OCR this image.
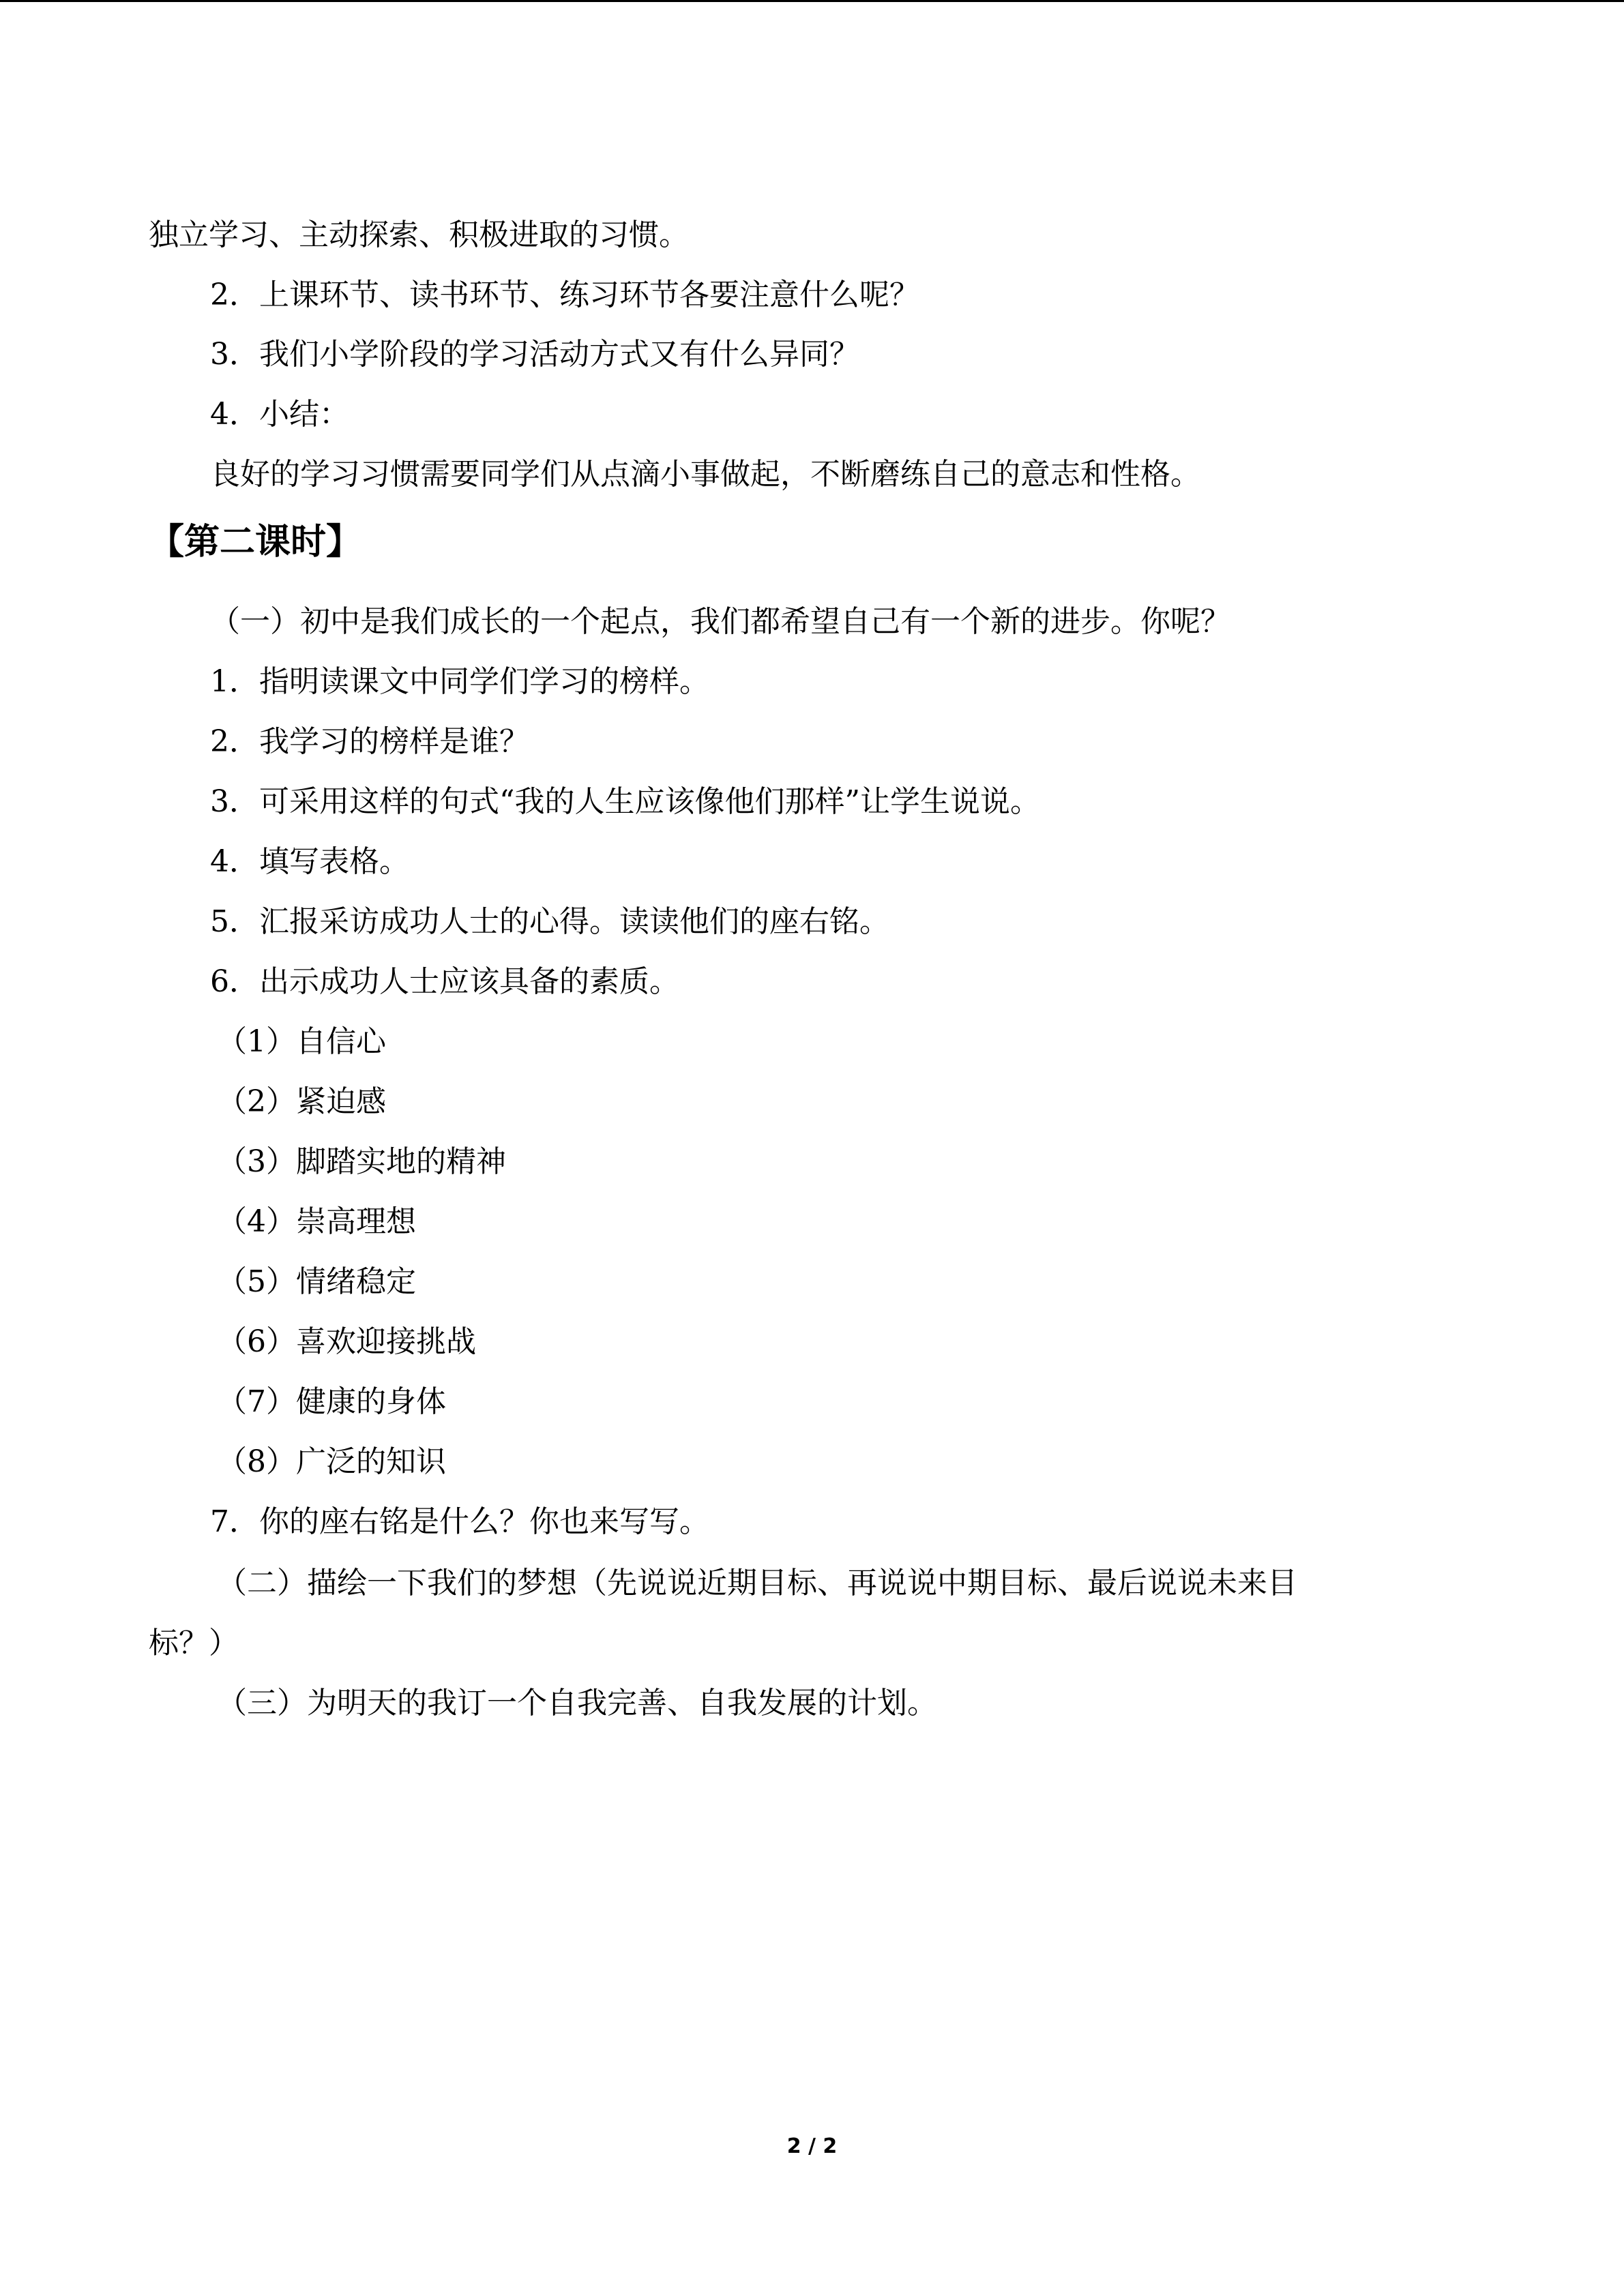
独立学习、主动探索、积极进取的习惯。
2．上课环节、读书环节、练习环节各要注意什么呢？
3．我们小学阶段的学习活动方式又有什么异同？
4．小结：
良好的学习习惯需要同学们从点滴小事做起，不断磨练自己的意志和性格。
【第二课时】
（一）初中是我们成长的一个起点，我们都希望自己有一个新的进步。你呢？
1．指明读课文中同学们学习的榜样。
2．我学习的榜样是谁？
3．可采用这样的句式“我的人生应该像他们那样”让学生说说。
4．填写表格。
5．汇报采访成功人士的心得。读读他们的座右铭。
6．出示成功人士应该具备的素质。
（1）自信心
（2）紧迫感
（3）脚踏实地的精神
（4）崇高理想
（5）情绪稳定
（6）喜欢迎接挑战
（7）健康的身体
（8）广泛的知识
7．你的座右铭是什么？你也来写写。
（二）描绘一下我们的梦想（先说说近期目标、再说说中期目标、最后说说未来目
标？）
（三）为明天的我订一个自我完善、自我发展的计划。
2 / 2
